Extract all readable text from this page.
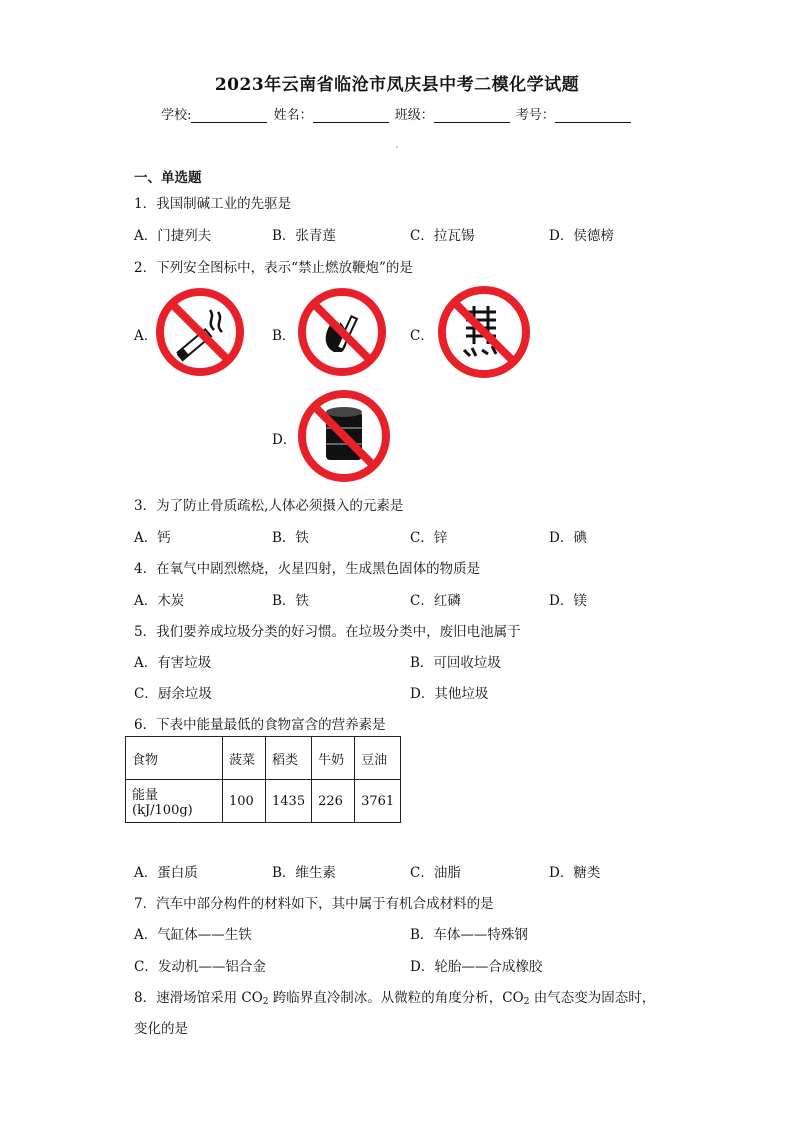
2023年云南省临沧市凤庆县中考二模化学试题
学校:	姓名：	班级：	考号：
一、单选题
1．我国制碱工业的先驱是
A．门捷列夫	B．张青莲	C．拉瓦锡	D．侯德榜
2．下列安全图标中，表示“禁止燃放鞭炮”的是
A．	B．	C．
D．
3．为了防止骨质疏松,人体必须摄入的元素是
A．钙	B．铁	C．锌	D．碘
4．在氧气中剧烈燃烧，火星四射，生成黑色固体的物质是
A．木炭	B．铁	C．红磷	D．镁
5．我们要养成垃圾分类的好习惯。在垃圾分类中，废旧电池属于
A．有害垃圾	B．可回收垃圾
C．厨余垃圾	D．其他垃圾
6．下表中能量最低的食物富含的营养素是
食物	菠菜	稻类	牛奶	豆油
能量(kJ/100g)	100	1435	226	3761
A．蛋白质	B．维生素	C．油脂	D．糖类
7．汽车中部分构件的材料如下，其中属于有机合成材料的是
A．气缸体——生铁	B．车体——特殊钢
C．发动机——铝合金	D．轮胎——合成橡胶
8．速滑场馆采用 $CO_2$ 跨临界直冷制冰。从微粒的角度分析，$CO_2$ 由气态变为固态时，
变化的是
